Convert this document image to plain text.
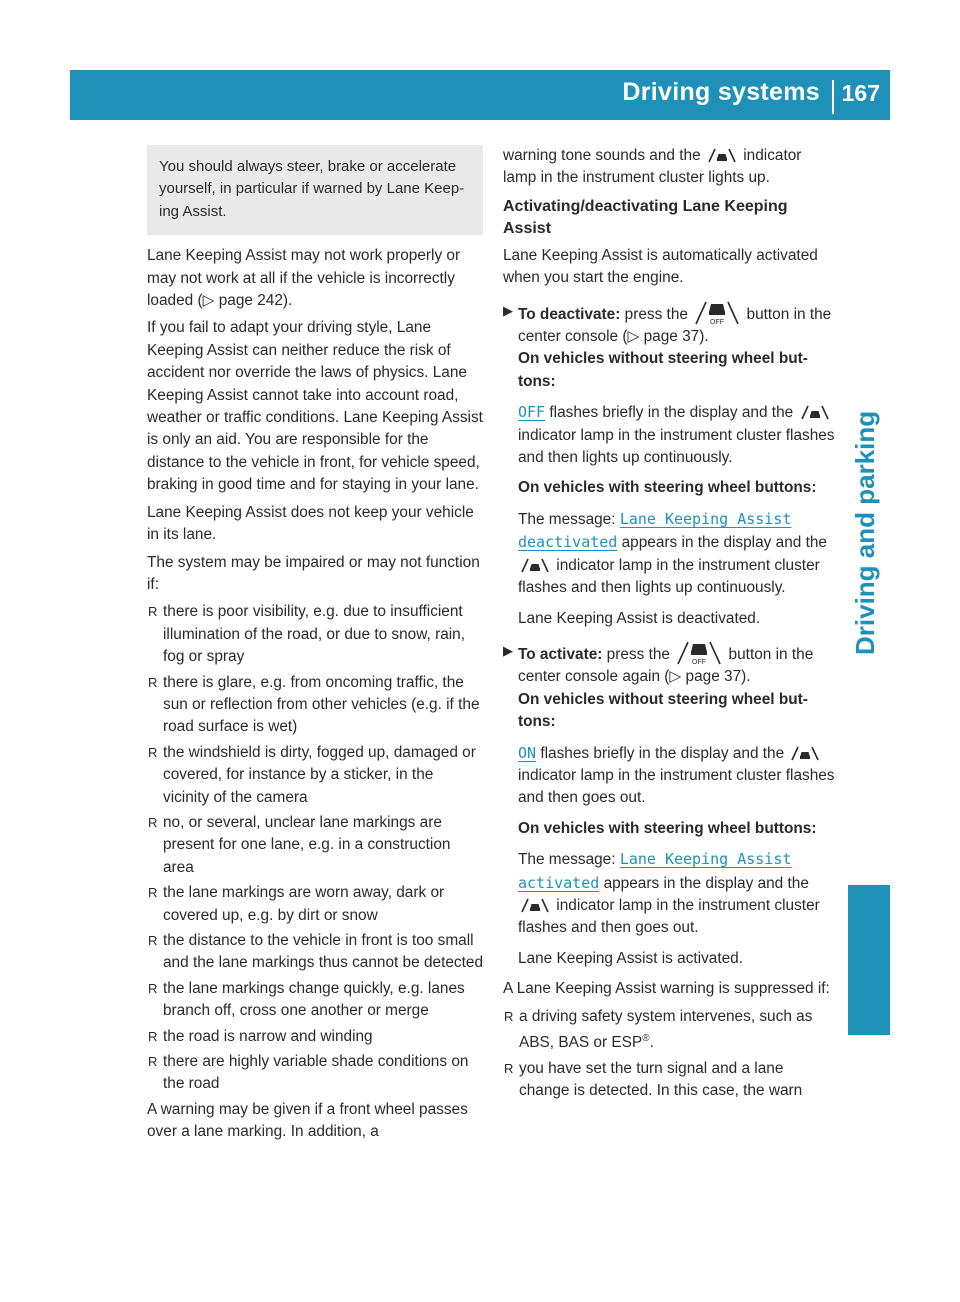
Driving systems 167
Driving and parking
You should always steer, brake or accelerate yourself, in particular if warned by Lane Keeping Assist.

Lane Keeping Assist may not work properly or may not work at all if the vehicle is incorrectly loaded (▷ page 242).

If you fail to adapt your driving style, Lane Keeping Assist can neither reduce the risk of accident nor override the laws of physics. Lane Keeping Assist cannot take into account road, weather or traffic conditions. Lane Keeping Assist is only an aid. You are responsible for the distance to the vehicle in front, for vehicle speed, braking in good time and for staying in your lane.

Lane Keeping Assist does not keep your vehicle in its lane.

The system may be impaired or may not function if:

R there is poor visibility, e.g. due to insufficient illumination of the road, or due to snow, rain, fog or spray
R there is glare, e.g. from oncoming traffic, the sun or reflection from other vehicles (e.g. if the road surface is wet)
R the windshield is dirty, fogged up, damaged or covered, for instance by a sticker, in the vicinity of the camera
R no, or several, unclear lane markings are present for one lane, e.g. in a construction area
R the lane markings are worn away, dark or covered up, e.g. by dirt or snow
R the distance to the vehicle in front is too small and the lane markings thus cannot be detected
R the lane markings change quickly, e.g. lanes branch off, cross one another or merge
R the road is narrow and winding
R there are highly variable shade conditions on the road

A warning may be given if a front wheel passes over a lane marking. In addition, a

warning tone sounds and the	indicator lamp in the instrument cluster lights up.

Activating/deactivating Lane Keeping Assist

Lane Keeping Assist is automatically activated when you start the engine.

▶ To deactivate: press the	OFF button in the center console (▷ page 37).
On vehicles without steering wheel buttons:
OFF flashes briefly in the display and the  indicator lamp in the instrument cluster flashes and then lights up continuously.
On vehicles with steering wheel buttons:
The message: Lane Keeping Assist deactivated appears in the display and the  indicator lamp in the instrument cluster flashes and then lights up continuously.
Lane Keeping Assist is deactivated.
▶ To activate: press the	OFF button in the center console again (▷ page 37).
On vehicles without steering wheel buttons:
ON flashes briefly in the display and the  indicator lamp in the instrument cluster flashes and then goes out.
On vehicles with steering wheel buttons:
The message: Lane Keeping Assist activated appears in the display and the  indicator lamp in the instrument cluster flashes and then goes out.
Lane Keeping Assist is activated.

A Lane Keeping Assist warning is suppressed if:

R a driving safety system intervenes, such as ABS, BAS or ESP®.
R you have set the turn signal and a lane change is detected. In this case, the warn
